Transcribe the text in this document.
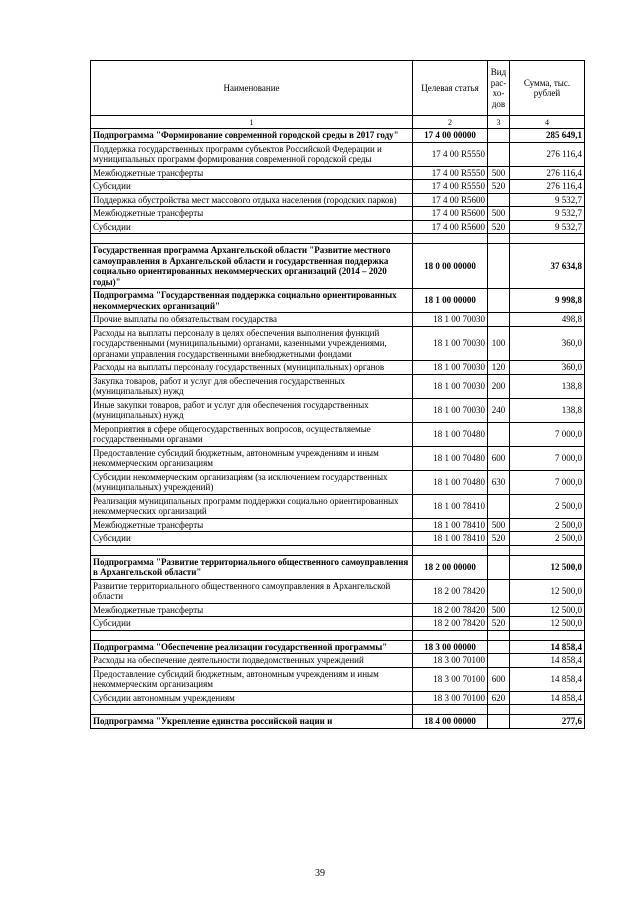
Наименование	Целевая статья	Вид рас-хо-дов	Сумма, тыс. рублей
1	2	3	4
Подпрограмма "Формирование современной городской среды в 2017 году"	17 4 00 00000		285 649,1
Поддержка государственных программ субъектов Российской Федерации и муниципальных программ формирования современной городской среды	17 4 00 R5550		276 116,4
Межбюджетные трансферты	17 4 00 R5550	500	276 116,4
Субсидии	17 4 00 R5550	520	276 116,4
Поддержка обустройства мест массового отдыха населения (городских парков)	17 4 00 R5600		9 532,7
Межбюджетные трансферты	17 4 00 R5600	500	9 532,7
Субсидии	17 4 00 R5600	520	9 532,7

Государственная программа Архангельской области "Развитие местного самоуправления в Архангельской области и государственная поддержка социально ориентированных некоммерческих организаций (2014 – 2020 годы)"	18 0 00 00000		37 634,8
Подпрограмма "Государственная поддержка социально ориентированных некоммерческих организаций"	18 1 00 00000		9 998,8
Прочие выплаты по обязательствам государства	18 1 00 70030		498,8
Расходы на выплаты персоналу в целях обеспечения выполнения функций государственными (муниципальными) органами, казенными учреждениями, органами управления государственными внебюджетными фондами	18 1 00 70030	100	360,0
Расходы на выплаты персоналу государственных (муниципальных) органов	18 1 00 70030	120	360,0
Закупка товаров, работ и услуг для обеспечения государственных (муниципальных) нужд	18 1 00 70030	200	138,8
Иные закупки товаров, работ и услуг для обеспечения государственных (муниципальных) нужд	18 1 00 70030	240	138,8
Мероприятия в сфере общегосударственных вопросов, осуществляемые государственными органами	18 1 00 70480		7 000,0
Предоставление субсидий бюджетным, автономным учреждениям и иным некоммерческим организациям	18 1 00 70480	600	7 000,0
Субсидии некоммерческим организациям (за исключением государственных (муниципальных) учреждений)	18 1 00 70480	630	7 000,0
Реализация муниципальных программ поддержки социально ориентированных некоммерческих организаций	18 1 00 78410		2 500,0
Межбюджетные трансферты	18 1 00 78410	500	2 500,0
Субсидии	18 1 00 78410	520	2 500,0

Подпрограмма "Развитие территориального общественного самоуправления в Архангельской области"	18 2 00 00000		12 500,0
Развитие территориального общественного самоуправления в Архангельской области	18 2 00 78420		12 500,0
Межбюджетные трансферты	18 2 00 78420	500	12 500,0
Субсидии	18 2 00 78420	520	12 500,0

Подпрограмма "Обеспечение реализации государственной программы"	18 3 00 00000		14 858,4
Расходы на обеспечение деятельности подведомственных учреждений	18 3 00 70100		14 858,4
Предоставление субсидий бюджетным, автономным учреждениям и иным некоммерческим организациям	18 3 00 70100	600	14 858,4
Субсидии автономным учреждениям	18 3 00 70100	620	14 858,4

Подпрограмма "Укрепление единства российской нации и	18 4 00 00000		277,6
39
